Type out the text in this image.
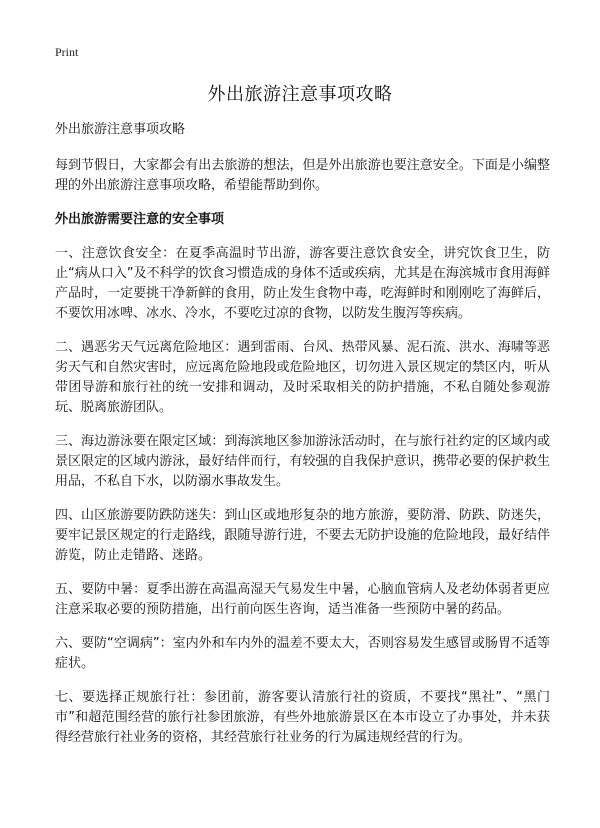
Print
外出旅游注意事项攻略

外出旅游注意事项攻略

每到节假日，大家都会有出去旅游的想法，但是外出旅游也要注意安全。下面是小编整理的外出旅游注意事项攻略，希望能帮助到你。

外出旅游需要注意的安全事项

一、注意饮食安全：在夏季高温时节出游，游客要注意饮食安全，讲究饮食卫生，防止“病从口入”及不科学的饮食习惯造成的身体不适或疾病，尤其是在海滨城市食用海鲜产品时，一定要挑干净新鲜的食用，防止发生食物中毒，吃海鲜时和刚刚吃了海鲜后，不要饮用冰啤、冰水、冷水，不要吃过凉的食物，以防发生腹泻等疾病。

二、遇恶劣天气远离危险地区：遇到雷雨、台风、热带风暴、泥石流、洪水、海啸等恶劣天气和自然灾害时，应远离危险地段或危险地区，切勿进入景区规定的禁区内，听从带团导游和旅行社的统一安排和调动，及时采取相关的防护措施，不私自随处参观游玩、脱离旅游团队。

三、海边游泳要在限定区域：到海滨地区参加游泳活动时，在与旅行社约定的区域内或景区限定的区域内游泳，最好结伴而行，有较强的自我保护意识，携带必要的保护救生用品，不私自下水，以防溺水事故发生。

四、山区旅游要防跌防迷失：到山区或地形复杂的地方旅游，要防滑、防跌、防迷失，要牢记景区规定的行走路线，跟随导游行进，不要去无防护设施的危险地段，最好结伴游览，防止走错路、迷路。

五、要防中暑：夏季出游在高温高湿天气易发生中暑，心脑血管病人及老幼体弱者更应注意采取必要的预防措施，出行前向医生咨询，适当准备一些预防中暑的药品。

六、要防“空调病”：室内外和车内外的温差不要太大，否则容易发生感冒或肠胃不适等症状。

七、要选择正规旅行社：参团前，游客要认清旅行社的资质，不要找“黑社”、“黑门市”和超范围经营的旅行社参团旅游，有些外地旅游景区在本市设立了办事处，并未获得经营旅行社业务的资格，其经营旅行社业务的行为属违规经营的行为。
